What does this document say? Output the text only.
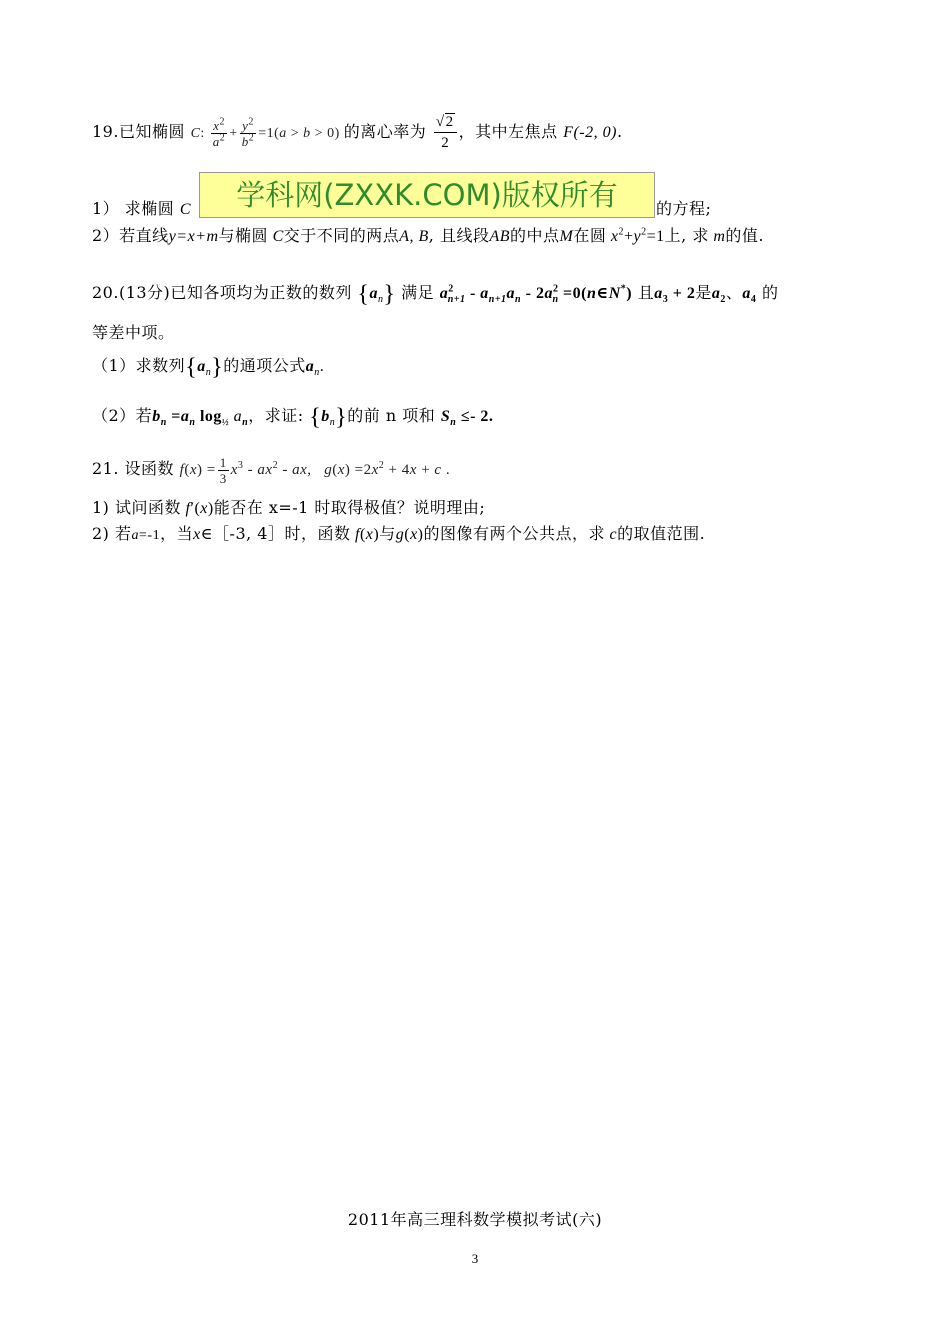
19.已知椭圆 C: $\frac{x^2}{a^2} + \frac{y^2}{b^2} =1(a > b > 0)$ 的离心率为 $\frac{√2}{2}$ ，其中左焦点 F(-2, 0).
学科网(ZXXK.COM)版权所有
1） 求椭圆 C	的方程;
2）若直线y=x+m与椭圆 C交于不同的两点A, B, 且线段AB的中点M在圆 $x^2+y^2=1$上, 求 m的值.
20.(13分)已知各项均为正数的数列 $\{a_n\}$ 满足 $a^2_{n+1} - a_{n+1}a_n - 2a^2_n$ =0(n∈N*) 且$a_3 + 2$是$a_2$、$a_4$ 的
等差中项。
（1）求数列$\{a_n\}$的通项公式$a_n$.
（2）若$b_n =a_n$ $\log_{\frac{1}{2}} a_n$，求证: $\{b_n\}$的前 n 项和 $S_n \le- 2$.
21. 设函数 $f(x) = \frac{1}{3} x^3 - ax^2$ - ax,   $g(x) =2x^2 + 4x + c$ .
1) 试问函数 f′(x)能否在 x=-1 时取得极值？说明理由;
2) 若a=-1，当x∈［-3, 4］时，函数 f(x)与g(x)的图像有两个公共点，求 c的取值范围.
2011年高三理科数学模拟考试(六)
3
